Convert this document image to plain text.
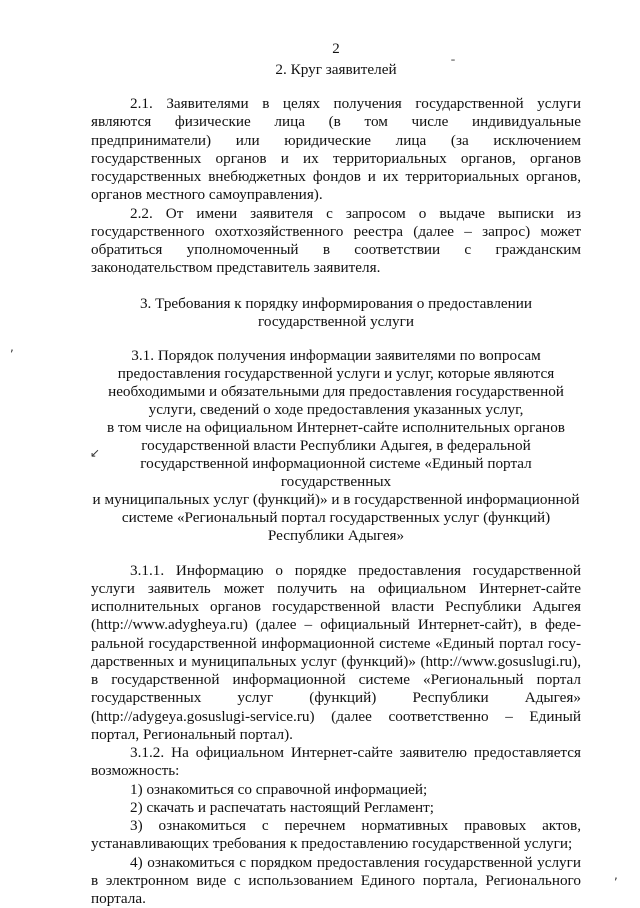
ˉ
,
↙
,

2

2. Круг заявителей

2.1. Заявителями в целях получения государственной услуги являются физические лица (в том числе индивидуальные предприниматели) или юридические лица (за исключением государственных органов и их территориальных органов, органов государственных внебюджетных фондов и их территориальных органов, органов местного самоуправления).

2.2. От имени заявителя с запросом о выдаче выписки из государственного охотхозяйственного реестра (далее – запрос) может обратиться уполномоченный в соответствии с гражданским законодательством представитель заявителя.

3. Требования к порядку информирования о предоставлении

государственной услуги

3.1. Порядок получения информации заявителями по вопросам

предоставления государственной услуги и услуг, которые являются

необходимыми и обязательными для предоставления государственной

услуги, сведений о ходе предоставления указанных услуг,

в том числе на официальном Интернет-сайте исполнительных органов

государственной власти Республики Адыгея, в федеральной

государственной информационной системе «Единый портал государственных

и муниципальных услуг (функций)» и в государственной информационной

системе «Региональный портал государственных услуг (функций)

Республики Адыгея»

3.1.1. Информацию о порядке предоставления государственной услуги заявитель может получить на официальном Интернет-сайте исполнительных органов государственной власти Республики Адыгея (http://www.adygheya.ru) (далее – официальный Интернет-сайт), в федеральной государственной информационной системе «Единый портал государственных и муниципальных услуг (функций)» (http://www.gosuslugi.ru), в государственной информационной системе «Региональный портал государственных услуг (функций) Республики Адыгея» (http://adygeya.gosuslugi-service.ru) (далее соответственно – Единый портал, Региональный портал).

3.1.2. На официальном Интернет-сайте заявителю предоставляется возможность:

1) ознакомиться со справочной информацией;

2) скачать и распечатать настоящий Регламент;

3) ознакомиться с перечнем нормативных правовых актов, устанавливающих требования к предоставлению государственной услуги;

4) ознакомиться с порядком предоставления государственной услуги в электронном виде с использованием Единого портала, Регионального портала.
